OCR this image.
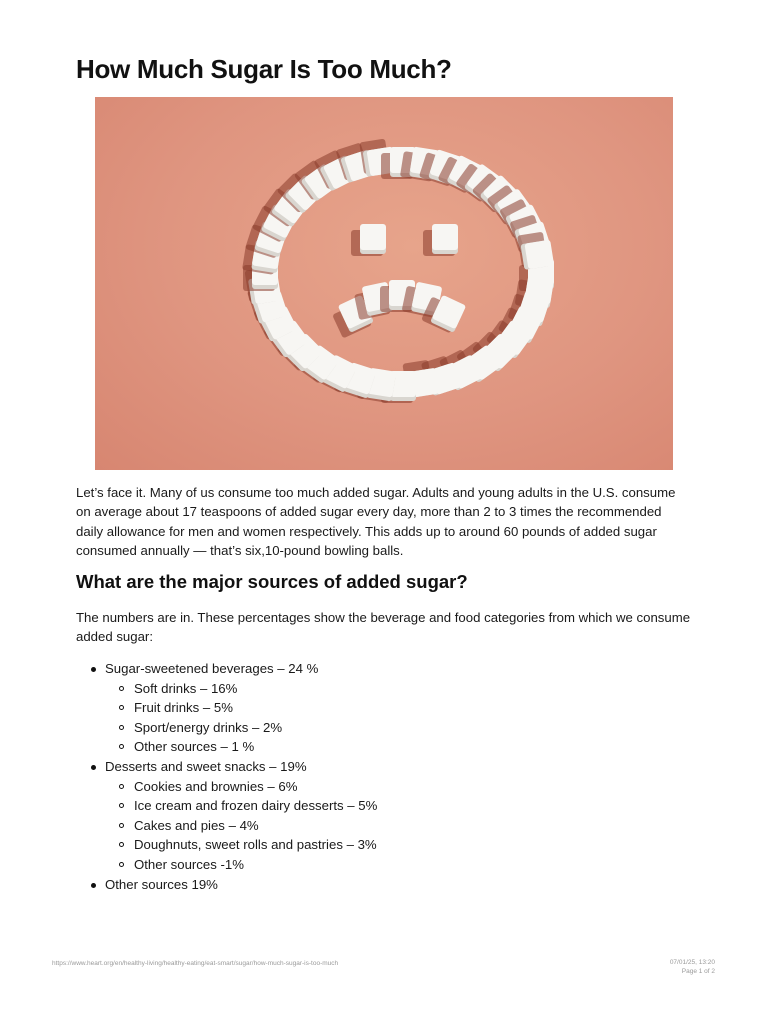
How Much Sugar Is Too Much?

Let’s face it. Many of us consume too much added sugar. Adults and young adults in the U.S. consume on average about 17 teaspoons of added sugar every day, more than 2 to 3 times the recommended daily allowance for men and women respectively. This adds up to around 60 pounds of added sugar consumed annually — that’s six,10-pound bowling balls.

What are the major sources of added sugar?

The numbers are in. These percentages show the beverage and food categories from which we consume added sugar:

Sugar-sweetened beverages – 24 %
Soft drinks – 16%
Fruit drinks – 5%
Sport/energy drinks – 2%
Other sources – 1 %
Desserts and sweet snacks – 19%
Cookies and brownies – 6%
Ice cream and frozen dairy desserts – 5%
Cakes and pies – 4%
Doughnuts, sweet rolls and pastries – 3%
Other sources -1%
Other sources 19%
https://www.heart.org/en/healthy-living/healthy-eating/eat-smart/sugar/how-much-sugar-is-too-much	07/01/25, 13:20
Page 1 of 2
